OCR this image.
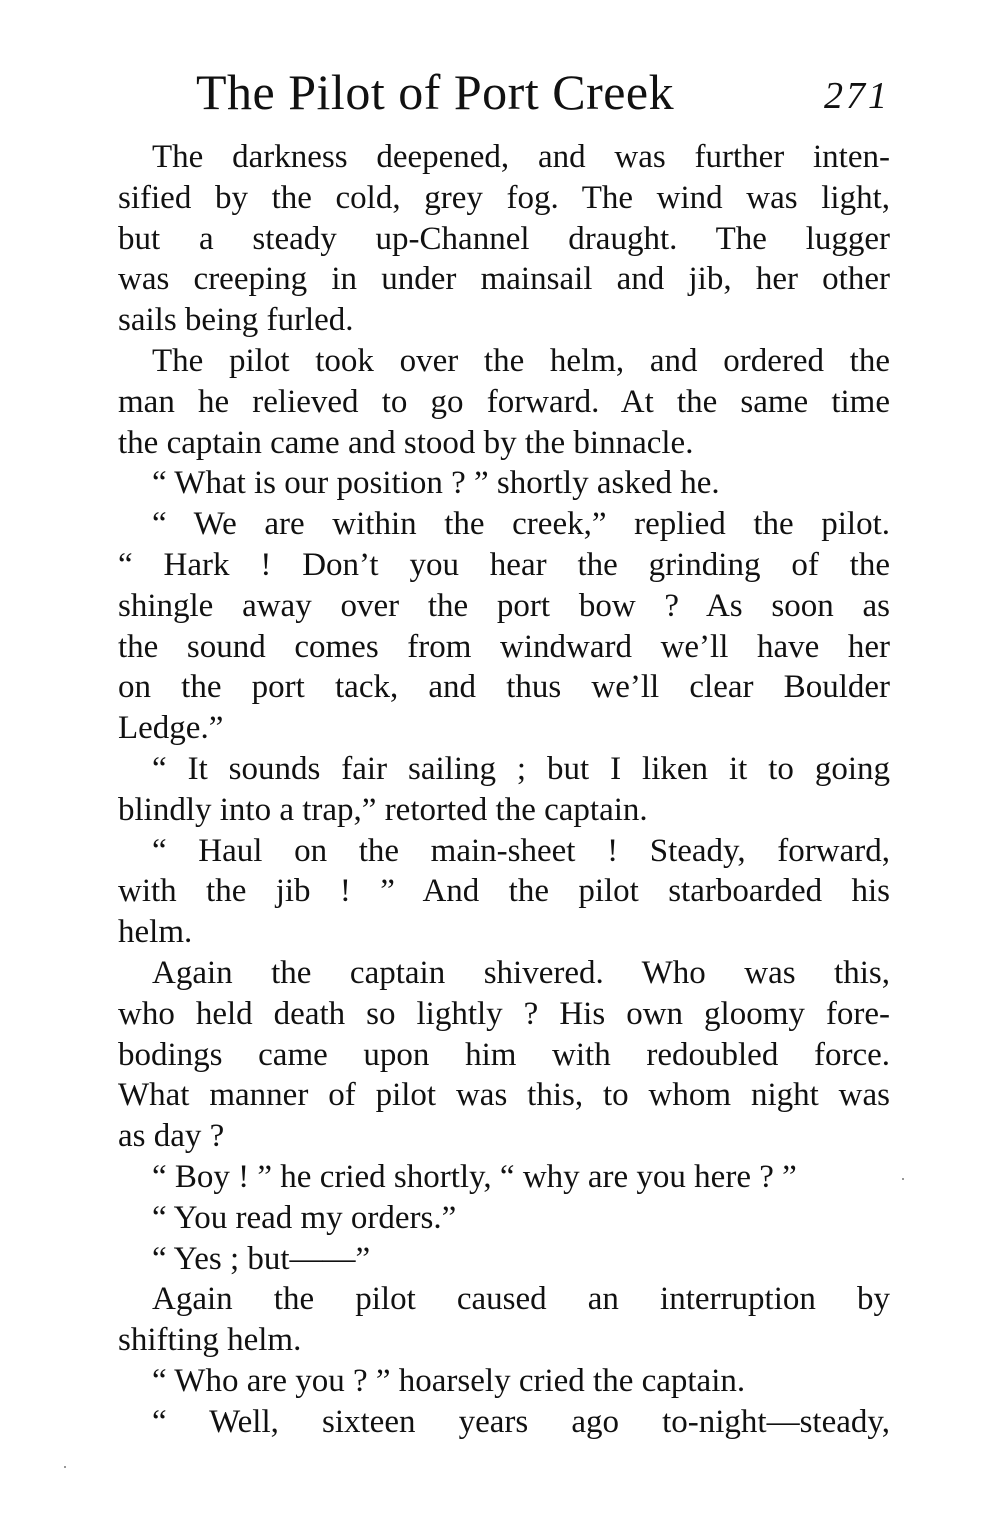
The Pilot of Port Creek	271
The darkness deepened, and was further inten-
sified by the cold, grey fog. The wind was light,
but a steady up-Channel draught. The lugger
was creeping in under mainsail and jib, her other
sails being furled.
The pilot took over the helm, and ordered the
man he relieved to go forward. At the same time
the captain came and stood by the binnacle.
“ What is our position ? ” shortly asked he.
“ We are within the creek,” replied the pilot.
“ Hark ! Don’t you hear the grinding of the
shingle away over the port bow ? As soon as
the sound comes from windward we’ll have her
on the port tack, and thus we’ll clear Boulder
Ledge.”
“ It sounds fair sailing ; but I liken it to going
blindly into a trap,” retorted the captain.
“ Haul on the main-sheet ! Steady, forward,
with the jib ! ” And the pilot starboarded his
helm.
Again the captain shivered. Who was this,
who held death so lightly ? His own gloomy fore-
bodings came upon him with redoubled force.
What manner of pilot was this, to whom night was
as day ?
“ Boy ! ” he cried shortly, “ why are you here ? ”
“ You read my orders.”
“ Yes ; but——”
Again the pilot caused an interruption by
shifting helm.
“ Who are you ? ” hoarsely cried the captain.
“ Well, sixteen years ago to-night—steady,
